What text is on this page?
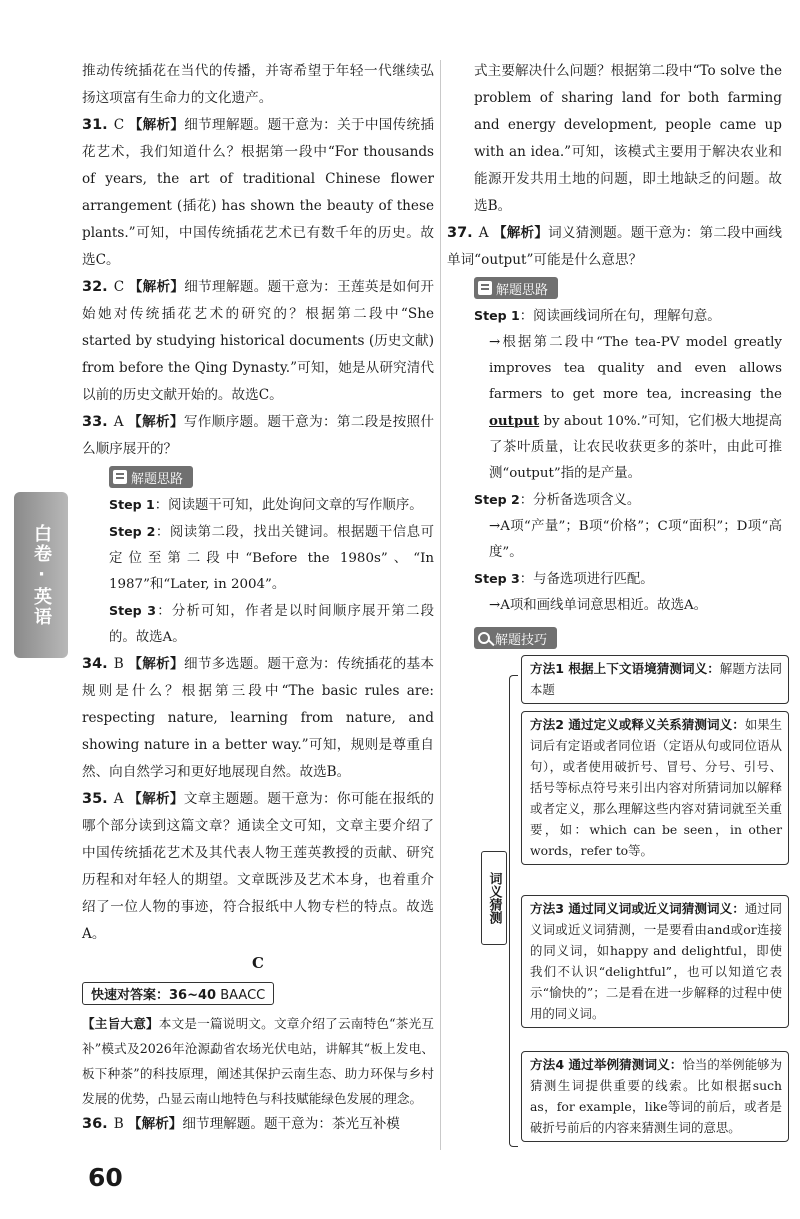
白卷·英语

推动传统插花在当代的传播，并寄希望于年轻一代继续弘扬这项富有生命力的文化遗产。

31. C 【解析】细节理解题。题干意为：关于中国传统插花艺术，我们知道什么？根据第一段中“For thousands of years, the art of traditional Chinese flower arrangement (插花) has shown the beauty of these plants.”可知，中国传统插花艺术已有数千年的历史。故选C。

32. C 【解析】细节理解题。题干意为：王莲英是如何开始她对传统插花艺术的研究的？根据第二段中“She started by studying historical documents (历史文献) from before the Qing Dynasty.”可知，她是从研究清代以前的历史文献开始的。故选C。

33. A 【解析】写作顺序题。题干意为：第二段是按照什么顺序展开的？

解题思路

Step 1：阅读题干可知，此处询问文章的写作顺序。

Step 2：阅读第二段，找出关键词。根据题干信息可定位至第二段中“Before the 1980s”、“In 1987”和“Later, in 2004”。

Step 3：分析可知，作者是以时间顺序展开第二段的。故选A。

34. B 【解析】细节多选题。题干意为：传统插花的基本规则是什么？根据第三段中“The basic rules are: respecting nature, learning from nature, and showing nature in a better way.”可知，规则是尊重自然、向自然学习和更好地展现自然。故选B。

35. A 【解析】文章主题题。题干意为：你可能在报纸的哪个部分读到这篇文章？通读全文可知，文章主要介绍了中国传统插花艺术及其代表人物王莲英教授的贡献、研究历程和对年轻人的期望。文章既涉及艺术本身，也着重介绍了一位人物的事迹，符合报纸中人物专栏的特点。故选A。

C
快速对答案：36~40 BAACC

【主旨大意】本文是一篇说明文。文章介绍了云南特色“茶光互补”模式及2026年沧源勐省农场光伏电站，讲解其“板上发电、板下种茶”的科技原理，阐述其保护云南生态、助力环保与乡村发展的优势，凸显云南山地特色与科技赋能绿色发展的理念。

36. B 【解析】细节理解题。题干意为：茶光互补模

式主要解决什么问题？根据第二段中“To solve the problem of sharing land for both farming and energy development, people came up with an idea.”可知，该模式主要用于解决农业和能源开发共用土地的问题，即土地缺乏的问题。故选B。

37. A 【解析】词义猜测题。题干意为：第二段中画线单词“output”可能是什么意思？

解题思路

Step 1：阅读画线词所在句，理解句意。

→根据第二段中“The tea-PV model greatly improves tea quality and even allows farmers to get more tea, increasing the output by about 10%.”可知，它们极大地提高了茶叶质量，让农民收获更多的茶叶，由此可推测“output”指的是产量。

Step 2：分析备选项含义。

→A项“产量”；B项“价格”；C项“面积”；D项“高度”。

Step 3：与备选项进行匹配。

→A项和画线单词意思相近。故选A。

解题技巧
词义猜测
方法1 根据上下文语境猜测词义：解题方法同本题
方法2 通过定义或释义关系猜测词义：如果生词后有定语或者同位语（定语从句或同位语从句），或者使用破折号、冒号、分号、引号、括号等标点符号来引出内容对所猜词加以解释或者定义，那么理解这些内容对猜词就至关重要，如：which can be seen，in other words，refer to等。
方法3 通过同义词或近义词猜测词义：通过同义词或近义词猜测，一是要看由and或or连接的同义词，如happy and delightful，即使我们不认识“delightful”，也可以知道它表示“愉快的”；二是看在进一步解释的过程中使用的同义词。
方法4 通过举例猜测词义：恰当的举例能够为猜测生词提供重要的线索。比如根据such as，for example，like等词的前后，或者是破折号前后的内容来猜测生词的意思。
60
